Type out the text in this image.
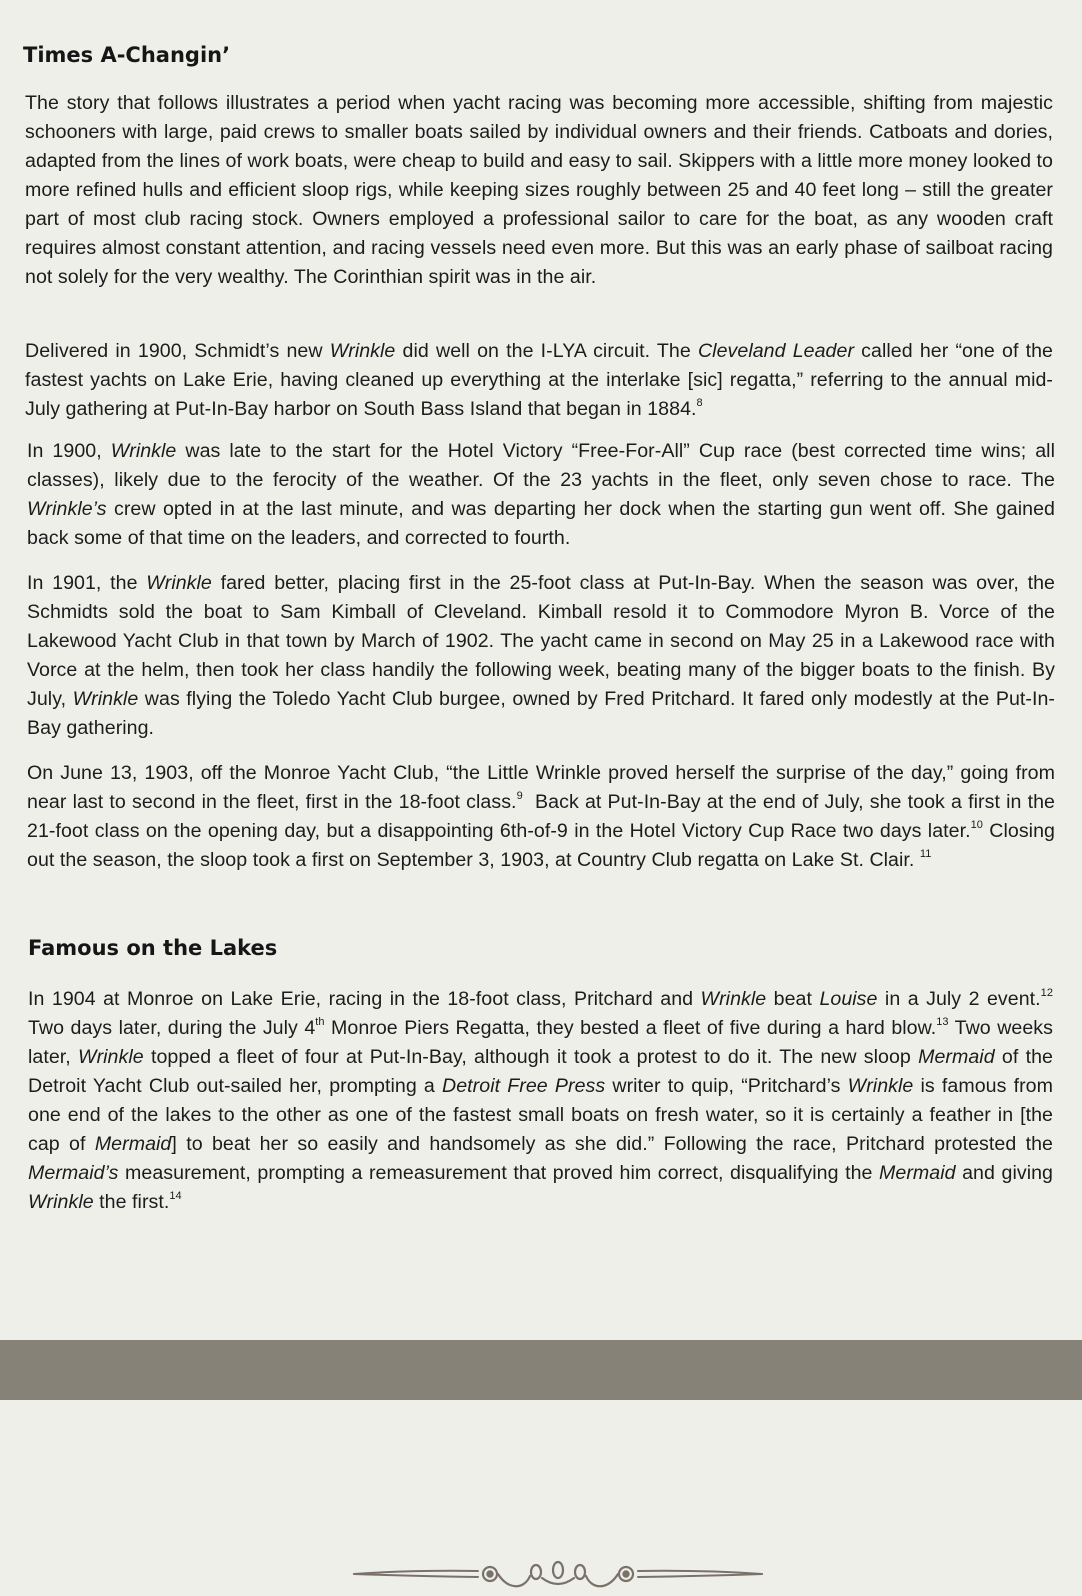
Times A-Changin’

The story that follows illustrates a period when yacht racing was becoming more accessible, shifting from majestic schooners with large, paid crews to smaller boats sailed by individual owners and their friends. Catboats and dories, adapted from the lines of work boats, were cheap to build and easy to sail. Skippers with a little more money looked to more refined hulls and efficient sloop rigs, while keeping sizes roughly between 25 and 40 feet long – still the greater part of most club racing stock. Owners employed a professional sailor to care for the boat, as any wooden craft requires almost constant attention, and racing vessels need even more. But this was an early phase of sailboat racing not solely for the very wealthy. The Corinthian spirit was in the air.

Delivered in 1900, Schmidt’s new Wrinkle did well on the I-LYA circuit. The Cleveland Leader called her “one of the fastest yachts on Lake Erie, having cleaned up everything at the interlake [sic] regatta,” referring to the annual mid-July gathering at Put-In-Bay harbor on South Bass Island that began in 1884.$^8$

In 1900, Wrinkle was late to the start for the Hotel Victory “Free-For-All” Cup race (best corrected time wins; all classes), likely due to the ferocity of the weather. Of the 23 yachts in the fleet, only seven chose to race. The Wrinkle’s crew opted in at the last minute, and was departing her dock when the starting gun went off. She gained back some of that time on the leaders, and corrected to fourth.

In 1901, the Wrinkle fared better, placing first in the 25-foot class at Put-In-Bay. When the season was over, the Schmidts sold the boat to Sam Kimball of Cleveland. Kimball resold it to Commodore Myron B. Vorce of the Lakewood Yacht Club in that town by March of 1902. The yacht came in second on May 25 in a Lakewood race with Vorce at the helm, then took her class handily the following week, beating many of the bigger boats to the finish. By July, Wrinkle was flying the Toledo Yacht Club burgee, owned by Fred Pritchard. It fared only modestly at the Put-In-Bay gathering.

On June 13, 1903, off the Monroe Yacht Club, “the Little Wrinkle proved herself the surprise of the day,” going from near last to second in the fleet, first in the 18-foot class.$^9$  Back at Put-In-Bay at the end of July, she took a first in the 21-foot class on the opening day, but a disappointing 6th-of-9 in the Hotel Victory Cup Race two days later.$^{10}$ Closing out the season, the sloop took a first on September 3, 1903, at Country Club regatta on Lake St. Clair. $^{11}$

Famous on the Lakes

In 1904 at Monroe on Lake Erie, racing in the 18-foot class, Pritchard and Wrinkle beat Louise in a July 2 event.$^{12}$ Two days later, during the July 4th Monroe Piers Regatta, they bested a fleet of five during a hard blow.$^{13}$ Two weeks later, Wrinkle topped a fleet of four at Put-In-Bay, although it took a protest to do it. The new sloop Mermaid of the Detroit Yacht Club out-sailed her, prompting a Detroit Free Press writer to quip, “Pritchard’s Wrinkle is famous from one end of the lakes to the other as one of the fastest small boats on fresh water, so it is certainly a feather in [the cap of Mermaid] to beat her so easily and handsomely as she did.” Following the race, Pritchard protested the Mermaid’s measurement, prompting a remeasurement that proved him correct, disqualifying the Mermaid and giving Wrinkle the first.$^{14}$
